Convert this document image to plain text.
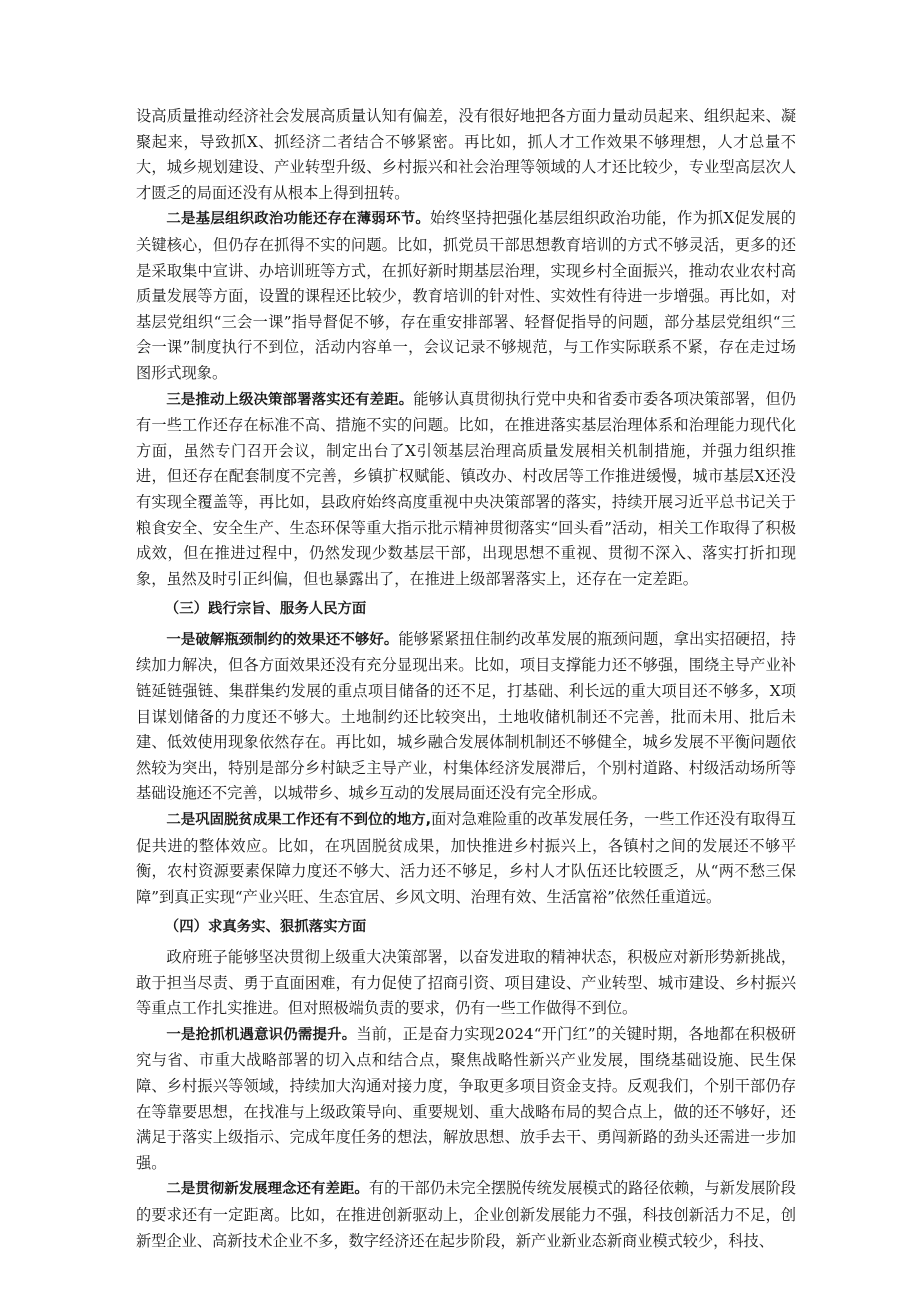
设高质量推动经济社会发展高质量认知有偏差，没有很好地把各方面力量动员起来、组织起来、凝聚起来，导致抓X、抓经济二者结合不够紧密。再比如，抓人才工作效果不够理想，人才总量不大，城乡规划建设、产业转型升级、乡村振兴和社会治理等领域的人才还比较少，专业型高层次人才匮乏的局面还没有从根本上得到扭转。

二是基层组织政治功能还存在薄弱环节。始终坚持把强化基层组织政治功能，作为抓X促发展的关键核心，但仍存在抓得不实的问题。比如，抓党员干部思想教育培训的方式不够灵活，更多的还是采取集中宣讲、办培训班等方式，在抓好新时期基层治理，实现乡村全面振兴，推动农业农村高质量发展等方面，设置的课程还比较少，教育培训的针对性、实效性有待进一步增强。再比如，对基层党组织“三会一课”指导督促不够，存在重安排部署、轻督促指导的问题，部分基层党组织“三会一课”制度执行不到位，活动内容单一，会议记录不够规范，与工作实际联系不紧，存在走过场图形式现象。

三是推动上级决策部署落实还有差距。能够认真贯彻执行党中央和省委市委各项决策部署，但仍有一些工作还存在标准不高、措施不实的问题。比如，在推进落实基层治理体系和治理能力现代化方面，虽然专门召开会议，制定出台了X引领基层治理高质量发展相关机制措施，并强力组织推进，但还存在配套制度不完善，乡镇扩权赋能、镇改办、村改居等工作推进缓慢，城市基层X还没有实现全覆盖等，再比如，县政府始终高度重视中央决策部署的落实，持续开展习近平总书记关于粮食安全、安全生产、生态环保等重大指示批示精神贯彻落实“回头看”活动，相关工作取得了积极成效，但在推进过程中，仍然发现少数基层干部，出现思想不重视、贯彻不深入、落实打折扣现象，虽然及时引正纠偏，但也暴露出了，在推进上级部署落实上，还存在一定差距。

（三）践行宗旨、服务人民方面

一是破解瓶颈制约的效果还不够好。能够紧紧扭住制约改革发展的瓶颈问题，拿出实招硬招，持续加力解决，但各方面效果还没有充分显现出来。比如，项目支撑能力还不够强，围绕主导产业补链延链强链、集群集约发展的重点项目储备的还不足，打基础、利长远的重大项目还不够多，X项目谋划储备的力度还不够大。土地制约还比较突出，土地收储机制还不完善，批而未用、批后未建、低效使用现象依然存在。再比如，城乡融合发展体制机制还不够健全，城乡发展不平衡问题依然较为突出，特别是部分乡村缺乏主导产业，村集体经济发展滞后，个别村道路、村级活动场所等基础设施还不完善，以城带乡、城乡互动的发展局面还没有完全形成。

二是巩固脱贫成果工作还有不到位的地方,面对急难险重的改革发展任务，一些工作还没有取得互促共进的整体效应。比如，在巩固脱贫成果，加快推进乡村振兴上，各镇村之间的发展还不够平衡，农村资源要素保障力度还不够大、活力还不够足，乡村人才队伍还比较匮乏，从“两不愁三保障”到真正实现“产业兴旺、生态宜居、乡风文明、治理有效、生活富裕”依然任重道远。

（四）求真务实、狠抓落实方面

政府班子能够坚决贯彻上级重大决策部署，以奋发进取的精神状态，积极应对新形势新挑战，敢于担当尽责、勇于直面困难，有力促使了招商引资、项目建设、产业转型、城市建设、乡村振兴等重点工作扎实推进。但对照极端负责的要求，仍有一些工作做得不到位。

一是抢抓机遇意识仍需提升。当前，正是奋力实现2024“开门红”的关键时期，各地都在积极研究与省、市重大战略部署的切入点和结合点，聚焦战略性新兴产业发展，围绕基础设施、民生保障、乡村振兴等领域，持续加大沟通对接力度，争取更多项目资金支持。反观我们，个别干部仍存在等靠要思想，在找准与上级政策导向、重要规划、重大战略布局的契合点上，做的还不够好，还满足于落实上级指示、完成年度任务的想法，解放思想、放手去干、勇闯新路的劲头还需进一步加强。

二是贯彻新发展理念还有差距。有的干部仍未完全摆脱传统发展模式的路径依赖，与新发展阶段的要求还有一定距离。比如，在推进创新驱动上，企业创新发展能力不强，科技创新活力不足，创新型企业、高新技术企业不多，数字经济还在起步阶段，新产业新业态新商业模式较少，科技、
